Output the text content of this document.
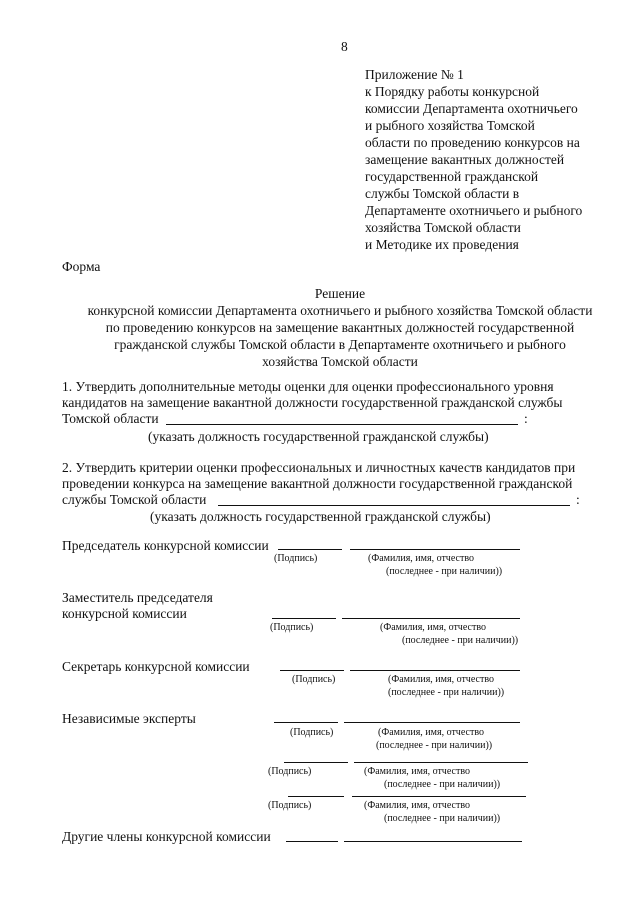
8
Приложение № 1
к Порядку работы конкурсной
комиссии Департамента охотничьего
и рыбного хозяйства Томской
области по проведению конкурсов на
замещение вакантных должностей
государственной гражданской
службы Томской области в
Департаменте охотничьего и рыбного
хозяйства Томской области
и Методике их проведения
Форма
Решение
конкурсной комиссии Департамента охотничьего и рыбного хозяйства Томской области
по проведению конкурсов на замещение вакантных должностей государственной
гражданской службы Томской области в Департаменте охотничьего и рыбного
хозяйства Томской области
1. Утвердить дополнительные методы оценки для оценки профессионального уровня
кандидатов на замещение вакантной должности государственной гражданской службы
Томской области	:
(указать должность государственной гражданской службы)
2. Утвердить критерии оценки профессиональных и личностных качеств кандидатов при
проведении конкурса на замещение вакантной должности государственной гражданской
службы Томской области	:
(указать должность государственной гражданской службы)
Председатель конкурсной комиссии
(Подпись)	(Фамилия, имя, отчество
(последнее - при наличии))
Заместитель председателя
конкурсной комиссии
(Подпись)	(Фамилия, имя, отчество
(последнее - при наличии))
Секретарь конкурсной комиссии
(Подпись)	(Фамилия, имя, отчество
(последнее - при наличии))
Независимые эксперты
(Подпись)	(Фамилия, имя, отчество
(последнее - при наличии))
(Подпись)	(Фамилия, имя, отчество
(последнее - при наличии))
(Подпись)	(Фамилия, имя, отчество
(последнее - при наличии))
Другие члены конкурсной комиссии
